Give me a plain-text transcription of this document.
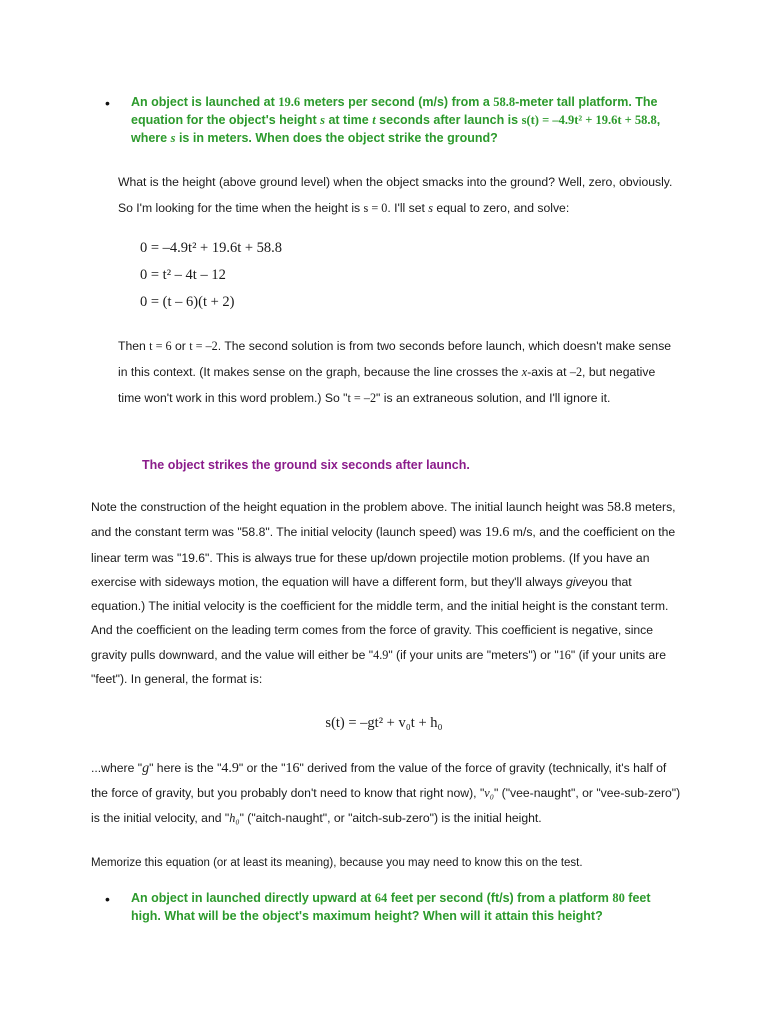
•	An object is launched at 19.6 meters per second (m/s) from a 58.8-meter tall platform. The equation for the object's height s at time t seconds after launch is s(t) = –4.9t² + 19.6t + 58.8, where s is in meters. When does the object strike the ground?
What is the height (above ground level) when the object smacks into the ground? Well, zero, obviously. So I'm looking for the time when the height is s = 0. I'll set s equal to zero, and solve:
0 = –4.9t² + 19.6t + 58.8
0 = t² – 4t – 12
0 = (t – 6)(t + 2)
Then t = 6 or t = –2. The second solution is from two seconds before launch, which doesn't make sense in this context. (It makes sense on the graph, because the line crosses the x-axis at –2, but negative time won't work in this word problem.) So "t = –2" is an extraneous solution, and I'll ignore it.
The object strikes the ground six seconds after launch.
Note the construction of the height equation in the problem above. The initial launch height was 58.8 meters, and the constant term was "58.8". The initial velocity (launch speed) was 19.6 m/s, and the coefficient on the linear term was "19.6". This is always true for these up/down projectile motion problems. (If you have an exercise with sideways motion, the equation will have a different form, but they'll always giveyou that equation.) The initial velocity is the coefficient for the middle term, and the initial height is the constant term. And the coefficient on the leading term comes from the force of gravity. This coefficient is negative, since gravity pulls downward, and the value will either be "4.9" (if your units are "meters") or "16" (if your units are "feet"). In general, the format is:
s(t) = –gt² + v₀t + h₀
...where "g" here is the "4.9" or the "16" derived from the value of the force of gravity (technically, it's half of the force of gravity, but you probably don't need to know that right now), "v₀" ("vee-naught", or "vee-sub-zero") is the initial velocity, and "h₀" ("aitch-naught", or "aitch-sub-zero") is the initial height.
Memorize this equation (or at least its meaning), because you may need to know this on the test.
•	An object in launched directly upward at 64 feet per second (ft/s) from a platform 80 feet high. What will be the object's maximum height? When will it attain this height?
